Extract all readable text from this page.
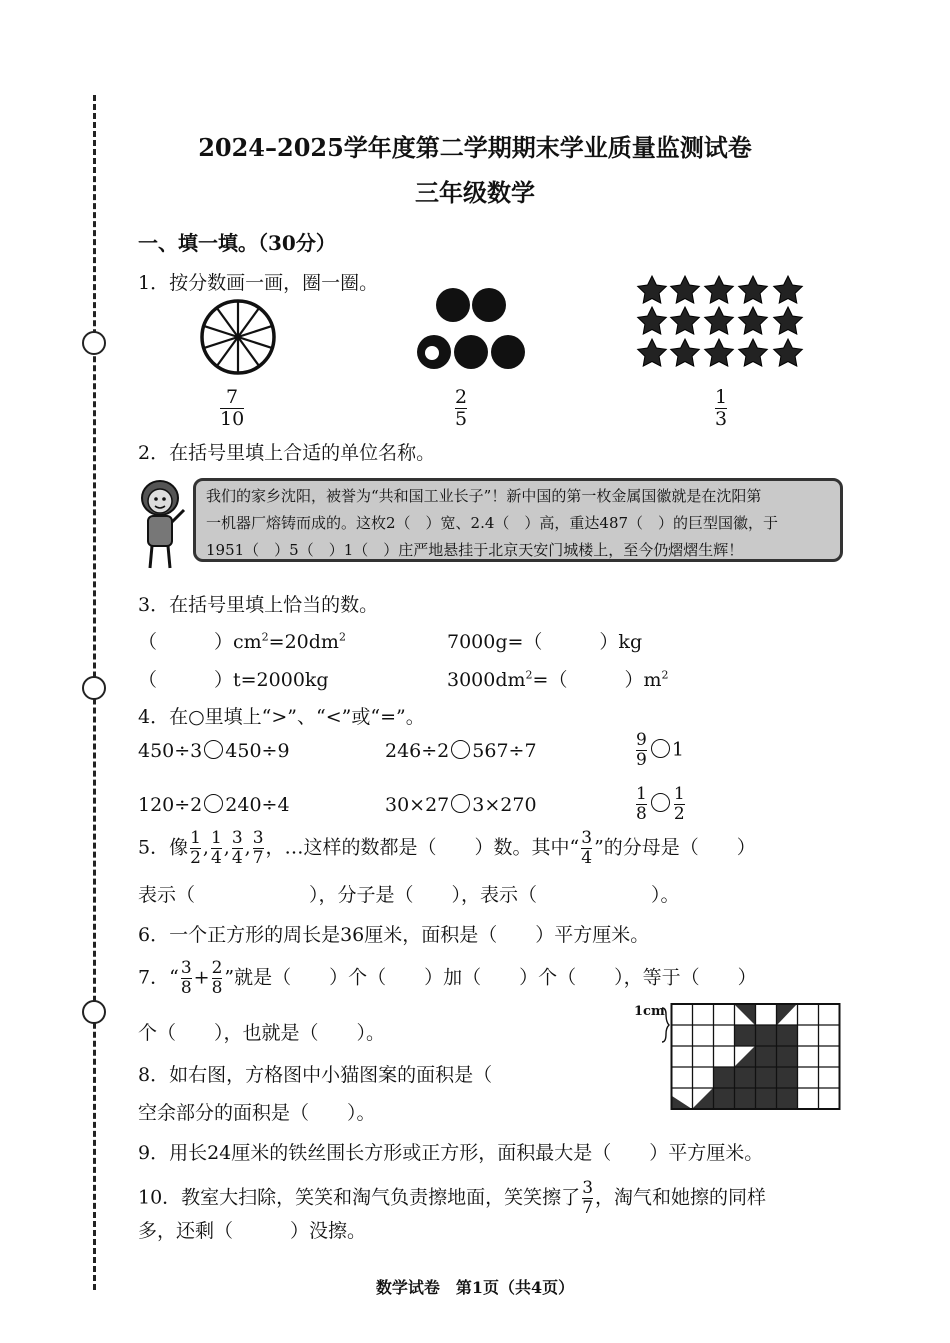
2024–2025学年度第二学期期末学业质量监测试卷
三年级数学
一、填一填。（30分）
1．按分数画一画，圈一圈。
$\frac{7}{10}$	$\frac{2}{5}$	$\frac{1}{3}$
2．在括号里填上合适的单位名称。
我们的家乡沈阳，被誉为“共和国工业长子”！新中国的第一枚金属国徽就是在沈阳第
一机器厂熔铸而成的。这枚2（　）宽、2.4（　）高，重达487（　）的巨型国徽，于
1951（　）5（　）1（　）庄严地悬挂于北京天安门城楼上，至今仍熠熠生辉！
3．在括号里填上恰当的数。
（　　　）$cm^2=20dm^2$	7000g=（　　　）kg
（　　　）t=2000kg	$3000dm^2=$（　　　）$m^2$
4．在○里填上“>”、“<”或“=”。
450÷3 450÷9	246÷2 567÷7	$\frac{9}{9} 1$
120÷2 240÷4	30×27 3×270	$\frac{1}{8} \frac{1}{2}$
5．像 $\frac{1}{2}$ , $\frac{1}{4}$ , $\frac{3}{4}$ , $\frac{3}{7}$ ，…这样的数都是（　　）数。其中“ $\frac{3}{4}$ ”的分母是（　　）
表示（　　　　　　），分子是（　　），表示（　　　　　　）。
6．一个正方形的周长是36厘米，面积是（　　）平方厘米。
7．“ $\frac{3}{8} + \frac{2}{8}$ ”就是（　　）个（　　）加（　　）个（　　），等于（　　）
个（　　），也就是（　　）。
8．如右图，方格图中小猫图案的面积是（
空余部分的面积是（　　）。
1cm
9．用长24厘米的铁丝围长方形或正方形，面积最大是（　　）平方厘米。
10．教室大扫除，笑笑和淘气负责擦地面，笑笑擦了 $\frac{3}{7}$ ，淘气和她擦的同样
多，还剩（　　　）没擦。
数学试卷　第1页（共4页）
